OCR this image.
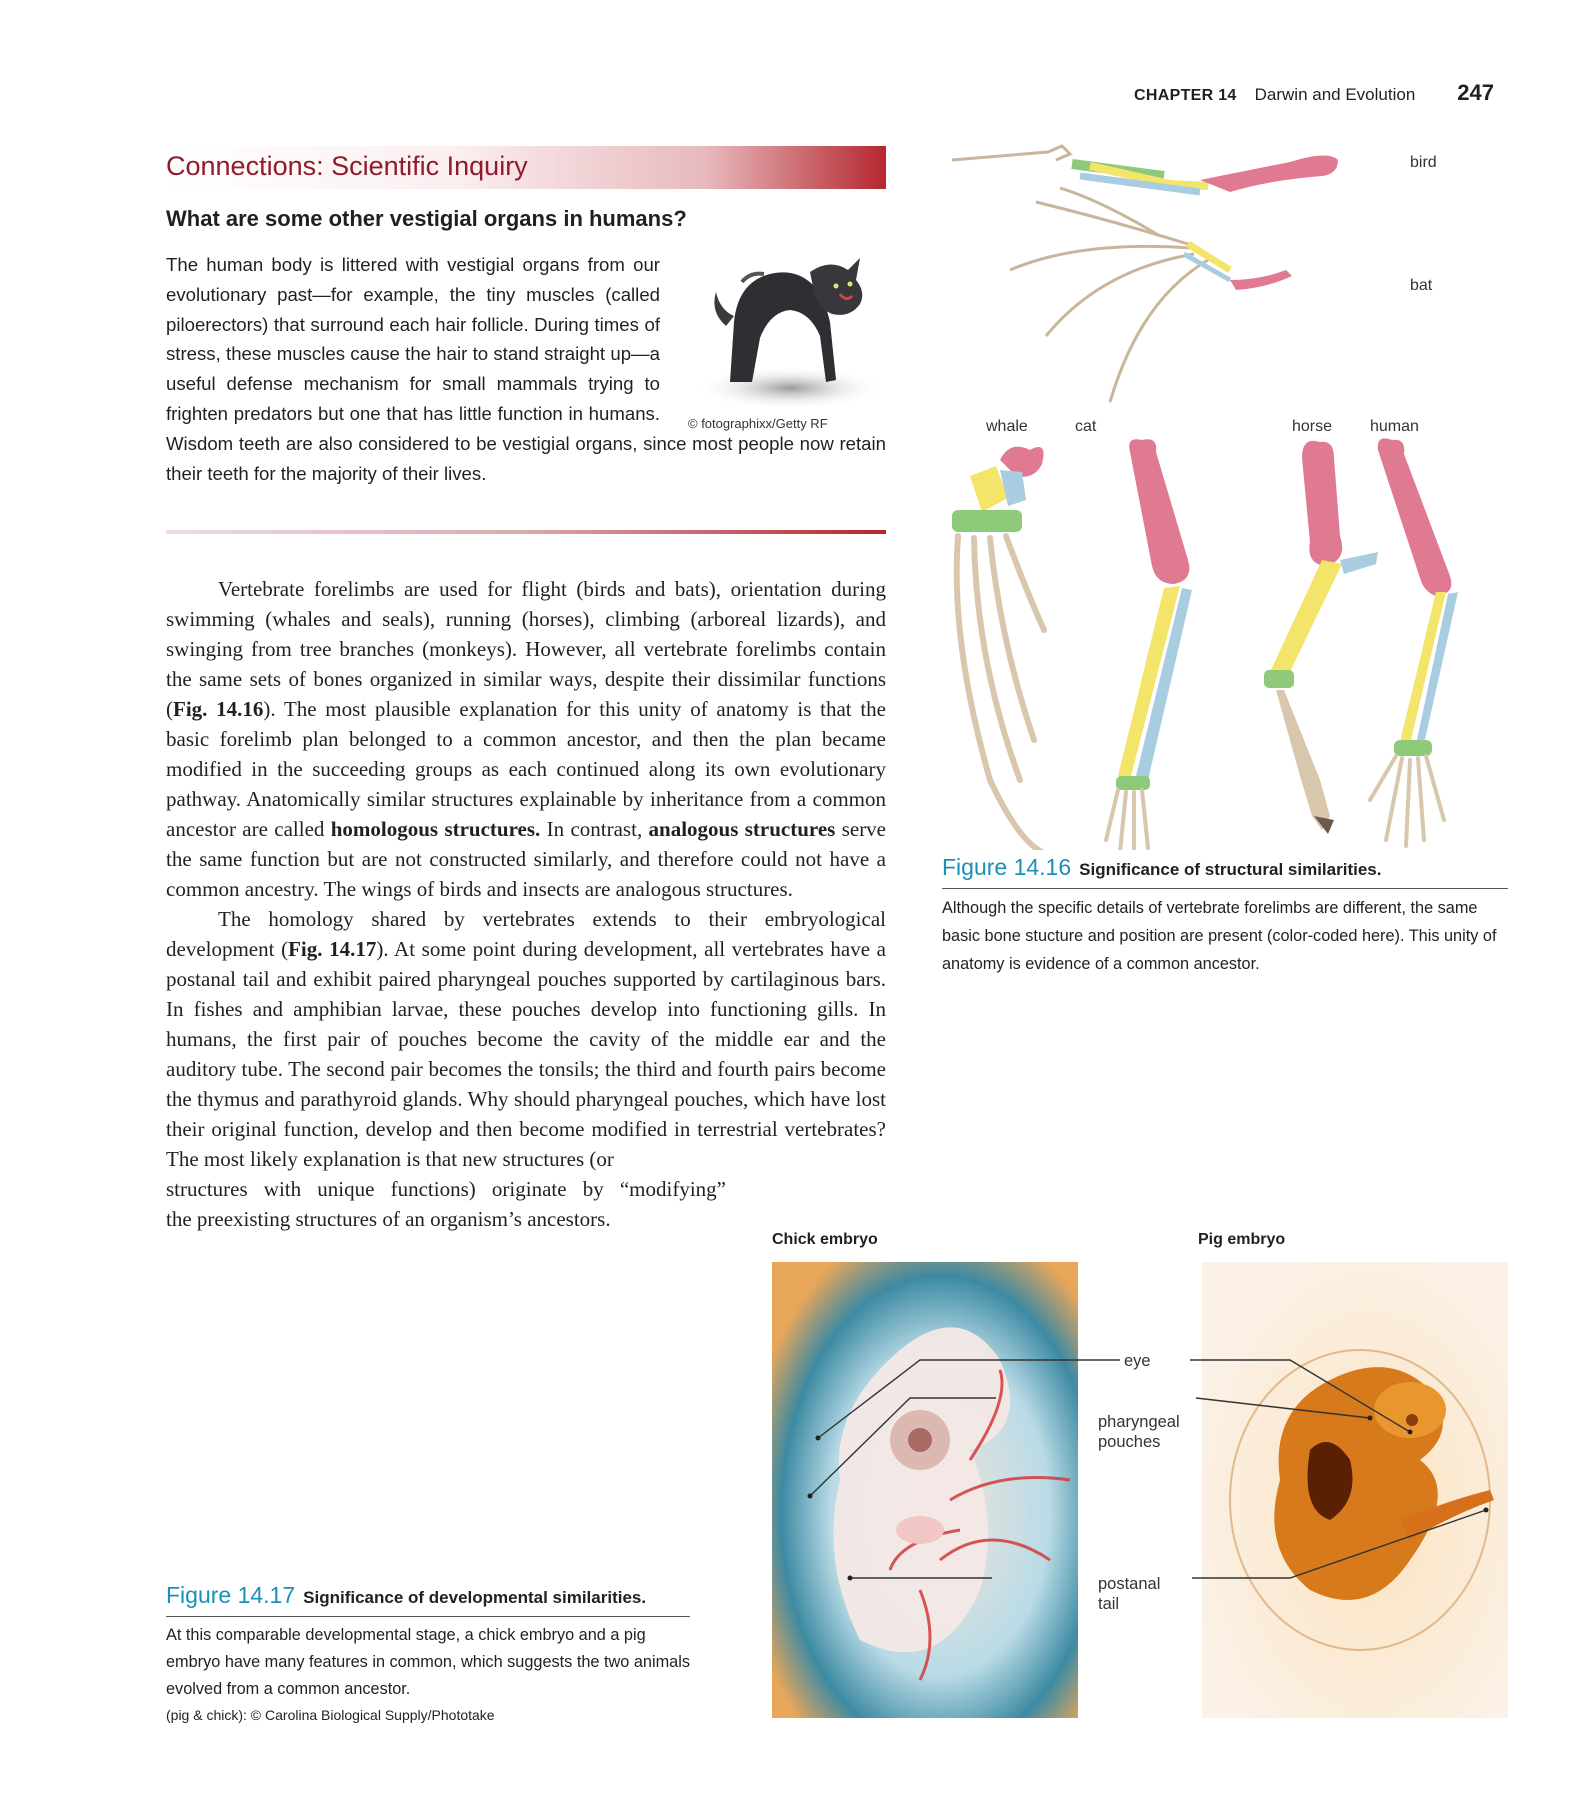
CHAPTER 14 Darwin and Evolution 247
Connections: Scientific Inquiry
What are some other vestigial organs in humans?
The human body is littered with vestigial organs from our evolutionary past—for example, the tiny muscles (called piloerectors) that surround each hair follicle. During times of stress, these muscles cause the hair to stand straight up—a useful defense mechanism for small mammals trying to frighten predators but one that has little function in humans. Wisdom teeth are also considered to be vestigial organs, since most people now retain their teeth for the majority of their lives.
© fotographixx/Getty RF

Vertebrate forelimbs are used for flight (birds and bats), orientation during swimming (whales and seals), running (horses), climbing (arboreal lizards), and swinging from tree branches (monkeys). However, all vertebrate forelimbs contain the same sets of bones organized in similar ways, despite their dissimilar functions (Fig. 14.16). The most plausible explanation for this unity of anatomy is that the basic forelimb plan belonged to a common ancestor, and then the plan became modified in the succeeding groups as each continued along its own evolutionary pathway. Anatomically similar structures explainable by inheritance from a common ancestor are called homologous structures. In contrast, analogous structures serve the same function but are not constructed similarly, and therefore could not have a common ancestry. The wings of birds and insects are analogous structures.

The homology shared by vertebrates extends to their embryological development (Fig. 14.17). At some point during development, all vertebrates have a postanal tail and exhibit paired pharyngeal pouches supported by cartilaginous bars. In fishes and amphibian larvae, these pouches develop into functioning gills. In humans, the first pair of pouches become the cavity of the middle ear and the auditory tube. The second pair becomes the tonsils; the third and fourth pairs become the thymus and parathyroid glands. Why should pharyngeal pouches, which have lost their original function, develop and then become modified in terrestrial vertebrates? The most likely explanation is that new structures (or

structures with unique functions) originate by “modifying”
the preexisting structures of an organism’s ancestors.
bird
bat
whale	cat	horse human
Figure 14.16 Significance of structural similarities.
Although the specific details of vertebrate forelimbs are different, the same basic bone stucture and position are present (color-coded here). This unity of anatomy is evidence of a common ancestor.
Chick embryo	Pig embryo
eye
pharyngeal
pouches
postanal
tail
Figure 14.17 Significance of developmental similarities.
At this comparable developmental stage, a chick embryo and a pig embryo have many features in common, which suggests the two animals evolved from a common ancestor.
(pig & chick): © Carolina Biological Supply/Phototake
